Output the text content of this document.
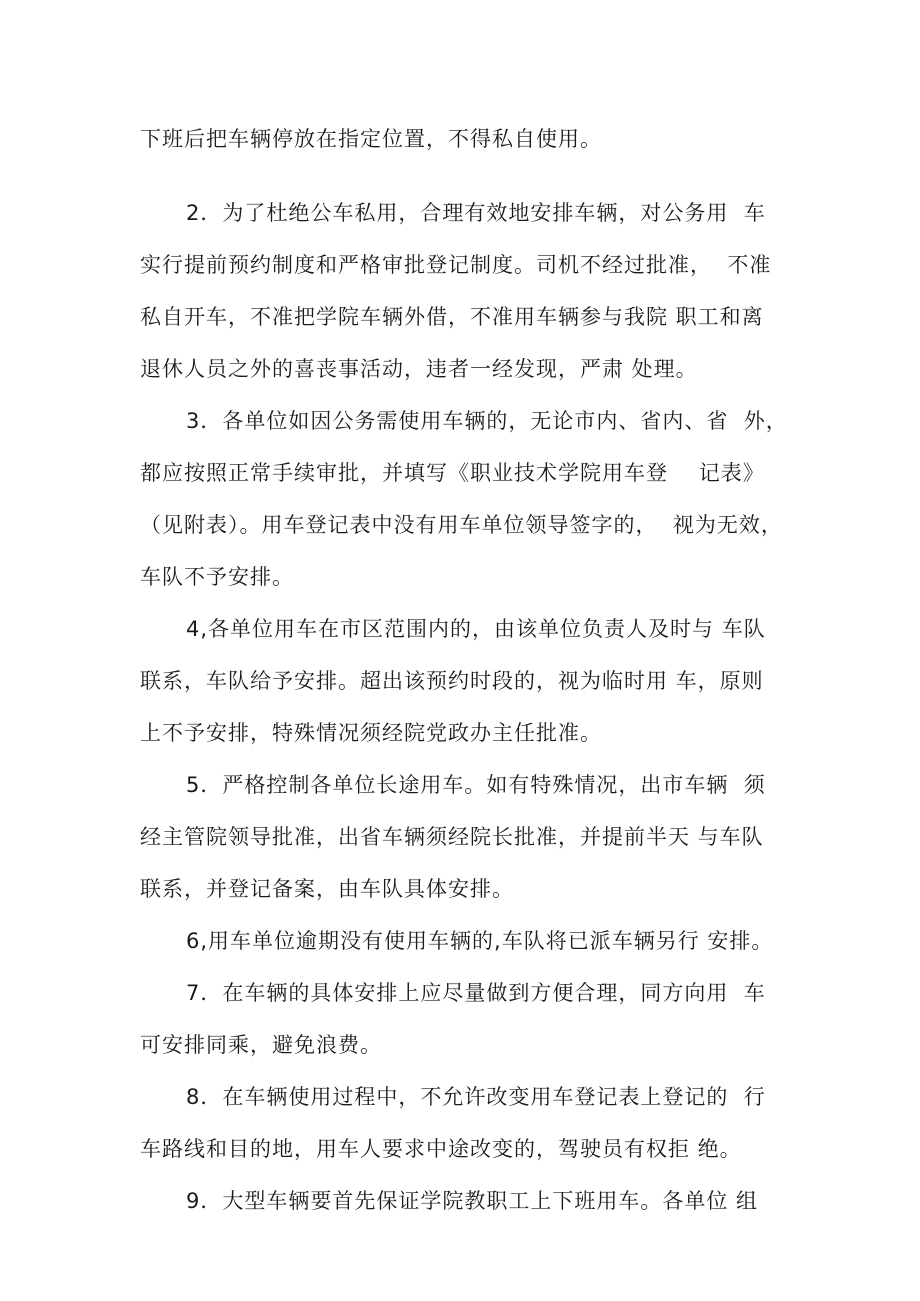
下班后把车辆停放在指定位置，不得私自使用。
2．为了杜绝公车私用，合理有效地安排车辆，对公务用  车
实行提前预约制度和严格审批登记制度。司机不经过批准，  不准
私自开车，不准把学院车辆外借，不准用车辆参与我院 职工和离
退休人员之外的喜丧事活动，违者一经发现，严肃 处理。
3．各单位如因公务需使用车辆的，无论市内、省内、省  外，
都应按照正常手续审批，并填写《职业技术学院用车登    记表》
（见附表）。用车登记表中没有用车单位领导签字的，  视为无效，
车队不予安排。
4,各单位用车在市区范围内的，由该单位负责人及时与 车队
联系，车队给予安排。超出该预约时段的，视为临时用 车，原则
上不予安排，特殊情况须经院党政办主任批准。
5．严格控制各单位长途用车。如有特殊情况，出市车辆  须
经主管院领导批准，出省车辆须经院长批准，并提前半天 与车队
联系，并登记备案，由车队具体安排。
6,用车单位逾期没有使用车辆的,车队将已派车辆另行 安排。
7．在车辆的具体安排上应尽量做到方便合理，同方向用  车
可安排同乘，避免浪费。
8．在车辆使用过程中，不允许改变用车登记表上登记的  行
车路线和目的地，用车人要求中途改变的，驾驶员有权拒 绝。
9．大型车辆要首先保证学院教职工上下班用车。各单位 组
